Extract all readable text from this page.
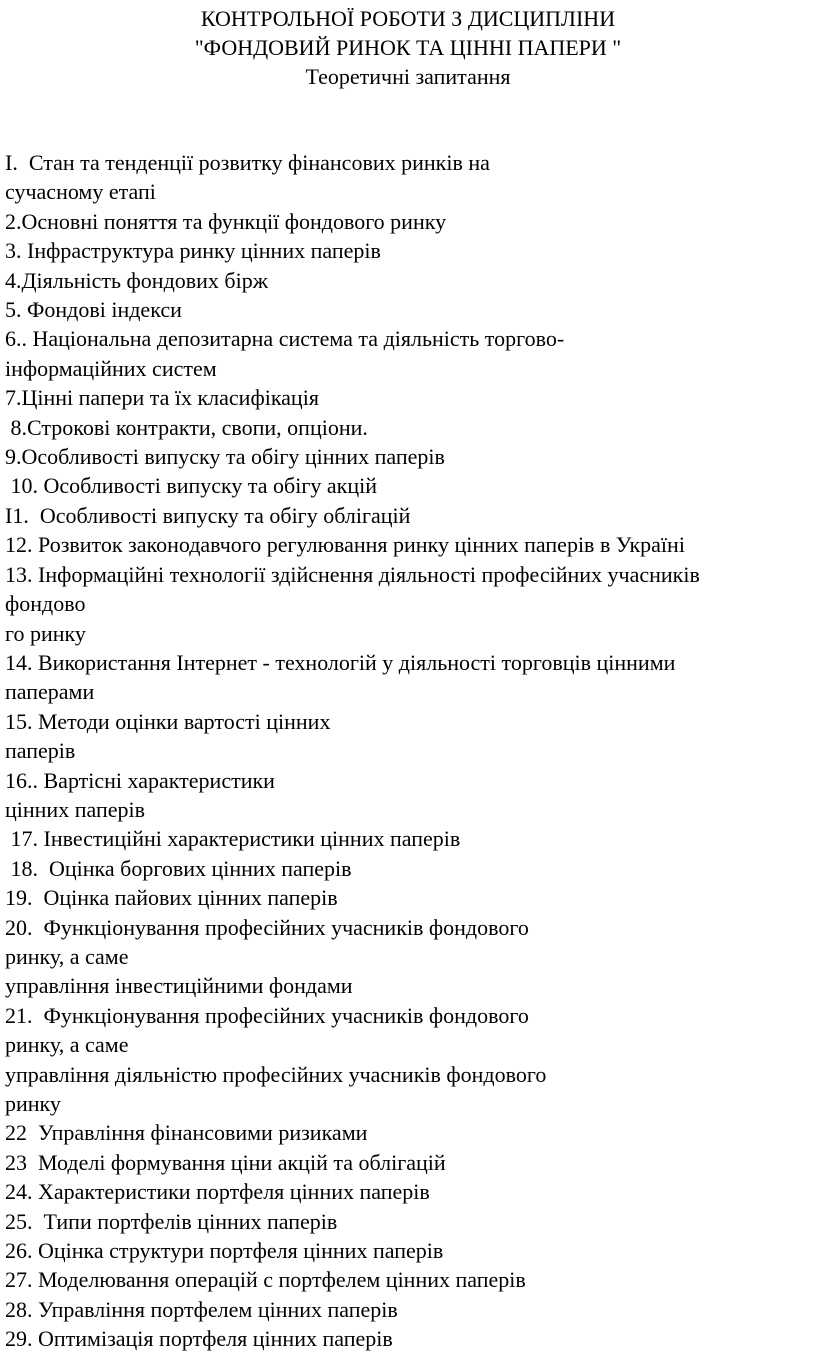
КОНТРОЛЬНОЇ РОБОТИ З ДИСЦИПЛІНИ
"ФОНДОВИЙ РИНОК ТА ЦІННІ ПАПЕРИ "
Теоретичні запитання
I.  Стан та тенденції розвитку фінансових ринків на
сучасному етапі
2.Основні поняття та функції фондового ринку
3. Інфраструктура ринку цінних паперів
4.Діяльність фондових бірж
5. Фондові індекси
6.. Національна депозитарна система та діяльність торгово-
інформаційних систем
7.Цінні папери та їх класифікація
8.Строкові контракти, свопи, опціони.
9.Особливості випуску та обігу цінних паперів
10. Особливості випуску та обігу акцій
I1.  Особливості випуску та обігу облігацій
12. Розвиток законодавчого регулювання ринку цінних паперів в Україні
13. Інформаційні технології здійснення діяльності професійних учасників
фондово
го ринку
14. Використання Інтернет - технологій у діяльності торговців цінними
паперами
15. Методи оцінки вартості цінних
паперів
16.. Вартісні характеристики
цінних паперів
17. Інвестиційні характеристики цінних паперів
18.  Оцінка боргових цінних паперів
19.  Оцінка пайових цінних паперів
20.  Функціонування професійних учасників фондового
ринку, а саме
управління інвестиційними фондами
21.  Функціонування професійних учасників фондового
ринку, а саме
управління діяльністю професійних учасників фондового
ринку
22  Управління фінансовими ризиками
23  Моделі формування ціни акцій та облігацій
24. Характеристики портфеля цінних паперів
25.  Типи портфелів цінних паперів
26. Оцінка структури портфеля цінних паперів
27. Моделювання операцій с портфелем цінних паперів
28. Управління портфелем цінних паперів
29. Оптимізація портфеля цінних паперів
